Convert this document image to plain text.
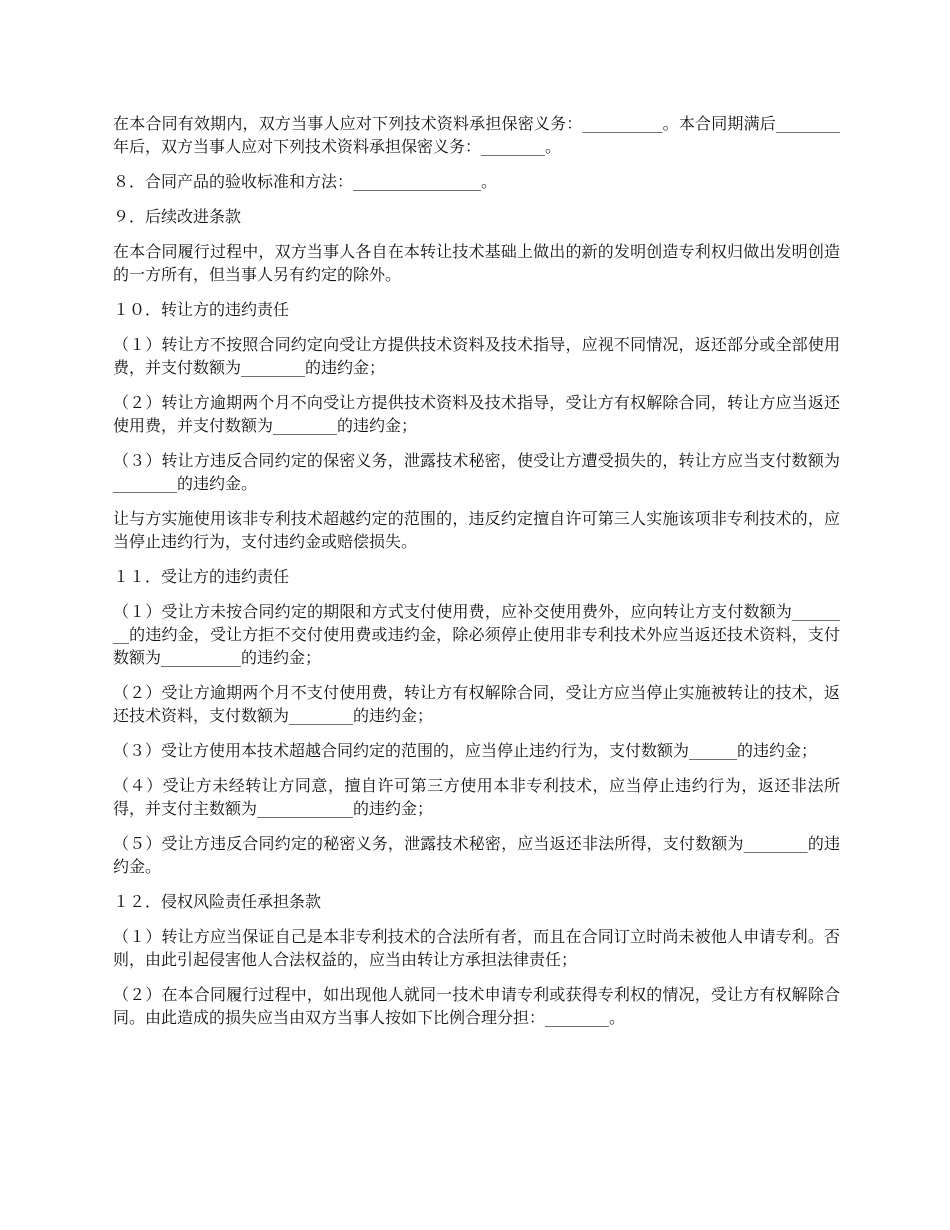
在本合同有效期内，双方当事人应对下列技术资料承担保密义务：__________。本合同期满后________年后，双方当事人应对下列技术资料承担保密义务：________。

８．合同产品的验收标准和方法：________________。

９．后续改进条款

在本合同履行过程中，双方当事人各自在本转让技术基础上做出的新的发明创造专利权归做出发明创造的一方所有，但当事人另有约定的除外。

１０．转让方的违约责任

（１）转让方不按照合同约定向受让方提供技术资料及技术指导，应视不同情况，返还部分或全部使用费，并支付数额为________的违约金；

（２）转让方逾期两个月不向受让方提供技术资料及技术指导，受让方有权解除合同，转让方应当返还使用费，并支付数额为________的违约金；

（３）转让方违反合同约定的保密义务，泄露技术秘密，使受让方遭受损失的，转让方应当支付数额为________的违约金。

让与方实施使用该非专利技术超越约定的范围的，违反约定擅自许可第三人实施该项非专利技术的，应当停止违约行为，支付违约金或赔偿损失。

１１．受让方的违约责任

（１）受让方未按合同约定的期限和方式支付使用费，应补交使用费外，应向转让方支付数额为________的违约金，受让方拒不交付使用费或违约金，除必须停止使用非专利技术外应当返还技术资料，支付数额为__________的违约金；

（２）受让方逾期两个月不支付使用费，转让方有权解除合同，受让方应当停止实施被转让的技术，返还技术资料，支付数额为________的违约金；

（３）受让方使用本技术超越合同约定的范围的，应当停止违约行为，支付数额为______的违约金；

（４）受让方未经转让方同意，擅自许可第三方使用本非专利技术，应当停止违约行为，返还非法所得，并支付主数额为____________的违约金；

（５）受让方违反合同约定的秘密义务，泄露技术秘密，应当返还非法所得，支付数额为________的违约金。

１２．侵权风险责任承担条款

（１）转让方应当保证自己是本非专利技术的合法所有者，而且在合同订立时尚未被他人申请专利。否则，由此引起侵害他人合法权益的，应当由转让方承担法律责任；

（２）在本合同履行过程中，如出现他人就同一技术申请专利或获得专利权的情况，受让方有权解除合同。由此造成的损失应当由双方当事人按如下比例合理分担：________。
